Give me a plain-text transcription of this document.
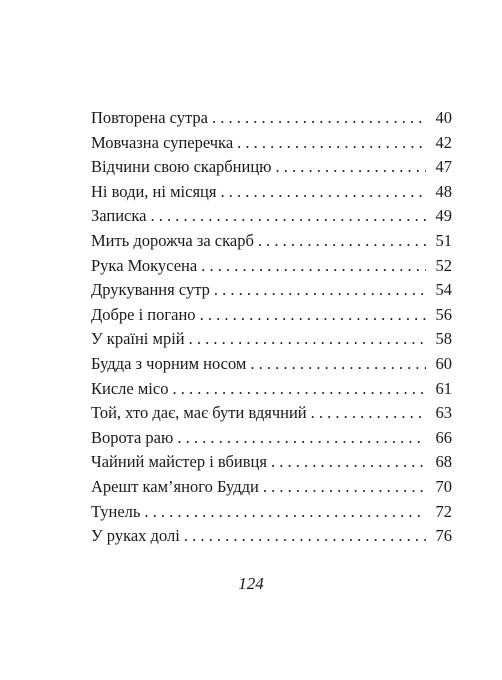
Повторена сутра . . .	40
Мовчазна суперечка . . .	42
Відчини свою скарбницю . . .	47
Ні води, ні місяця . . .	48
Записка . . .	49
Мить дорожча за скарб . . .	51
Рука Мокусена . . .	52
Друкування сутр . . .	54
Добре і погано . . .	56
У країні мрій . . .	58
Будда з чорним носом . . .	60
Кисле місо . . .	61
Той, хто дає, має бути вдячний . . .	63
Ворота раю . . .	66
Чайний майстер і вбивця . . .	68
Арешт кам’яного Будди . . .	70
Тунель . . .	72
У руках долі . . .	76
124
